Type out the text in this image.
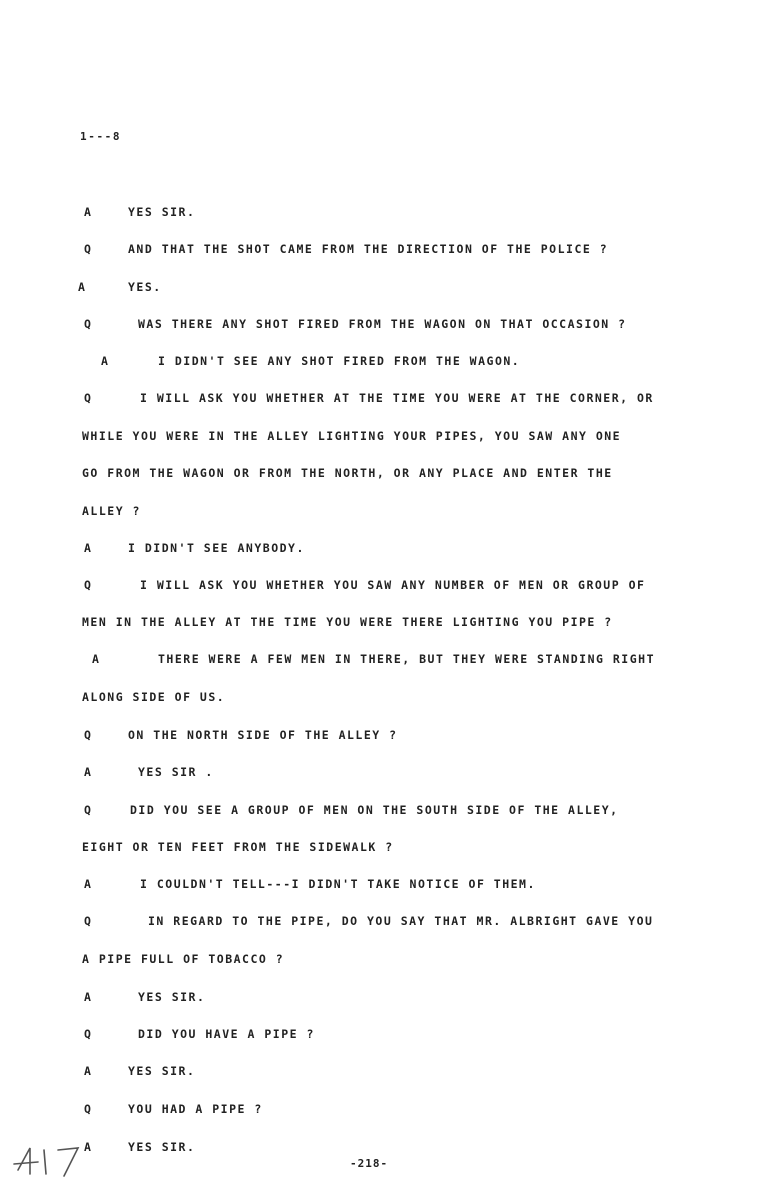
1---8
A	YES SIR.
Q	AND THAT THE SHOT CAME FROM THE DIRECTION OF THE POLICE ?
A	YES.
Q	WAS THERE ANY SHOT FIRED FROM THE WAGON ON THAT OCCASION ?
A	I DIDN'T SEE ANY SHOT FIRED FROM THE WAGON.
Q	I WILL ASK YOU WHETHER AT THE TIME YOU WERE AT THE CORNER, OR
WHILE YOU WERE IN THE ALLEY LIGHTING YOUR PIPES, YOU SAW ANY ONE
GO FROM THE WAGON OR FROM THE NORTH, OR ANY PLACE AND ENTER THE
ALLEY ?
A	I DIDN'T SEE ANYBODY.
Q	I WILL ASK YOU WHETHER YOU SAW ANY NUMBER OF MEN OR GROUP OF
MEN IN THE ALLEY AT THE TIME YOU WERE THERE LIGHTING YOU PIPE ?
A	THERE WERE A FEW MEN IN THERE, BUT THEY WERE STANDING RIGHT
ALONG SIDE OF US.
Q	ON THE NORTH SIDE OF THE ALLEY ?
A	YES SIR .
Q	DID YOU SEE A GROUP OF MEN ON THE SOUTH SIDE OF THE ALLEY,
EIGHT OR TEN FEET FROM THE SIDEWALK ?
A	I COULDN'T TELL---I DIDN'T TAKE NOTICE OF THEM.
Q	IN REGARD TO THE PIPE, DO YOU SAY THAT MR. ALBRIGHT GAVE YOU
A PIPE FULL OF TOBACCO ?
A	YES SIR.
Q	DID YOU HAVE A PIPE ?
A	YES SIR.
Q	YOU HAD A PIPE ?
A	YES SIR.
-218-
